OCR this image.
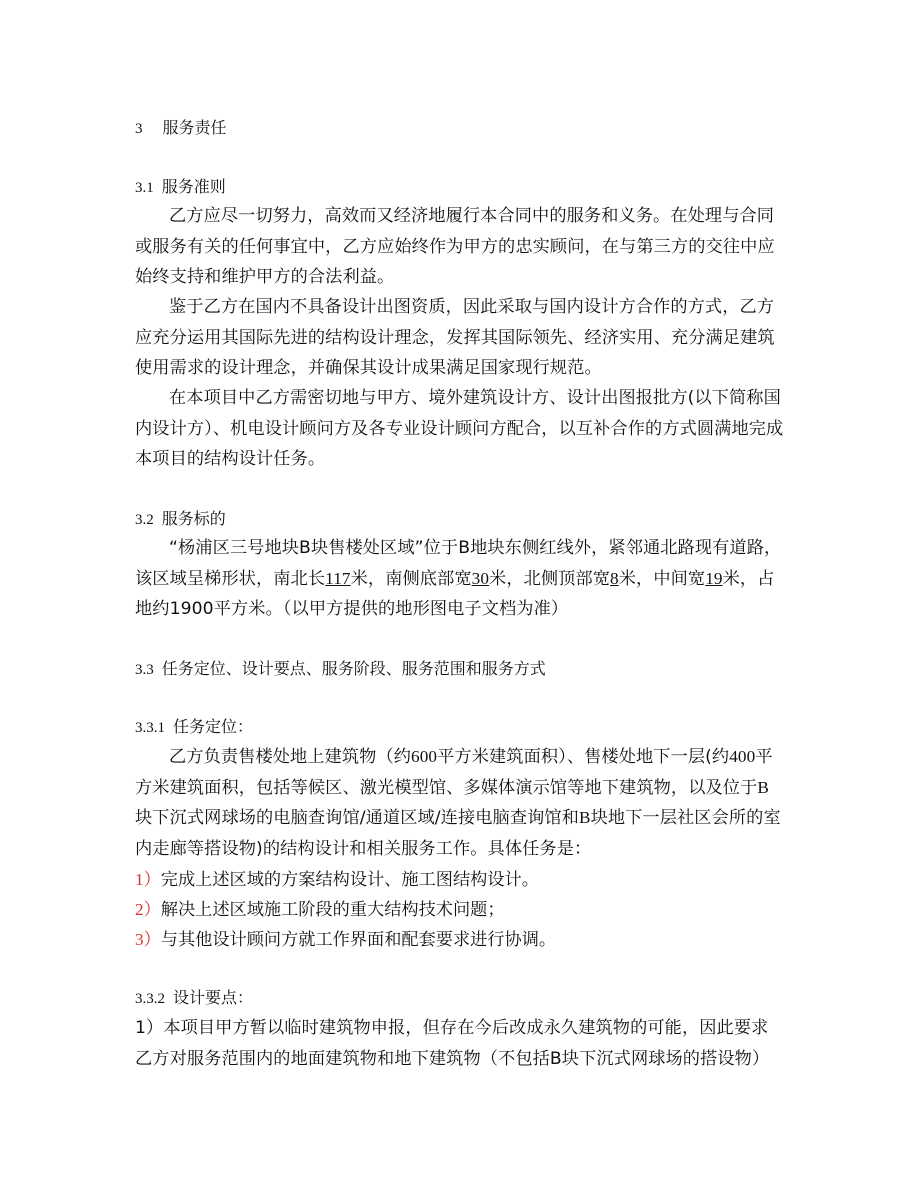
3 服务责任
3.1 服务准则
乙方应尽一切努力，高效而又经济地履行本合同中的服务和义务。在处理与合同或服务有关的任何事宜中，乙方应始终作为甲方的忠实顾问，在与第三方的交往中应始终支持和维护甲方的合法利益。
鉴于乙方在国内不具备设计出图资质，因此采取与国内设计方合作的方式，乙方应充分运用其国际先进的结构设计理念，发挥其国际领先、经济实用、充分满足建筑使用需求的设计理念，并确保其设计成果满足国家现行规范。
在本项目中乙方需密切地与甲方、境外建筑设计方、设计出图报批方(以下简称国内设计方）、机电设计顾问方及各专业设计顾问方配合，以互补合作的方式圆满地完成本项目的结构设计任务。
3.2 服务标的
“杨浦区三号地块B块售楼处区域”位于B地块东侧红线外，紧邻通北路现有道路，该区域呈梯形状，南北长117米，南侧底部宽30米，北侧顶部宽8米，中间宽19米，占地约1900平方米。（以甲方提供的地形图电子文档为准）
3.3 任务定位、设计要点、服务阶段、服务范围和服务方式
3.3.1 任务定位：
乙方负责售楼处地上建筑物（约600平方米建筑面积）、售楼处地下一层(约400平方米建筑面积，包括等候区、激光模型馆、多媒体演示馆等地下建筑物，以及位于B块下沉式网球场的电脑查询馆/通道区域/连接电脑查询馆和B块地下一层社区会所的室内走廊等搭设物)的结构设计和相关服务工作。具体任务是：
1）完成上述区域的方案结构设计、施工图结构设计。
2）解决上述区域施工阶段的重大结构技术问题；
3）与其他设计顾问方就工作界面和配套要求进行协调。
3.3.2 设计要点：
1）本项目甲方暂以临时建筑物申报，但存在今后改成永久建筑物的可能，因此要求乙方对服务范围内的地面建筑物和地下建筑物（不包括B块下沉式网球场的搭设物）
